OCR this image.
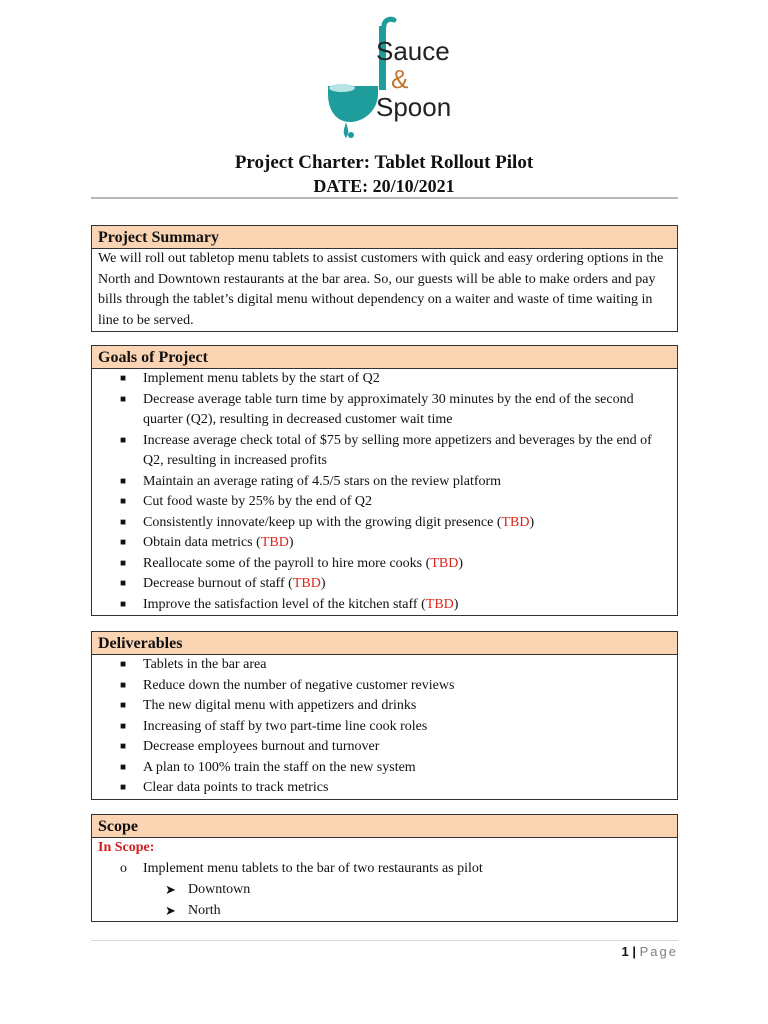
Sauce
&
Spoon
Project Charter: Tablet Rollout Pilot
DATE: 20/10/2021
Project Summary
We will roll out tabletop menu tablets to assist customers with quick and easy ordering options in the North and Downtown restaurants at the bar area. So, our guests will be able to make orders and pay bills through the tablet’s digital menu without dependency on a waiter and waste of time waiting in line to be served.
Goals of Project
■ Implement menu tablets by the start of Q2
■ Decrease average table turn time by approximately 30 minutes by the end of the second quarter (Q2), resulting in decreased customer wait time
■ Increase average check total of $75 by selling more appetizers and beverages by the end of Q2, resulting in increased profits
■ Maintain an average rating of 4.5/5 stars on the review platform
■ Cut food waste by 25% by the end of Q2
■ Consistently innovate/keep up with the growing digit presence (TBD)
■ Obtain data metrics (TBD)
■ Reallocate some of the payroll to hire more cooks (TBD)
■ Decrease burnout of staff (TBD)
■ Improve the satisfaction level of the kitchen staff (TBD)
Deliverables
■ Tablets in the bar area
■ Reduce down the number of negative customer reviews
■ The new digital menu with appetizers and drinks
■ Increasing of staff by two part-time line cook roles
■ Decrease employees burnout and turnover
■ A plan to 100% train the staff on the new system
■ Clear data points to track metrics
Scope
In Scope:
o Implement menu tablets to the bar of two restaurants as pilot
➤ Downtown
➤ North
1 | Page
